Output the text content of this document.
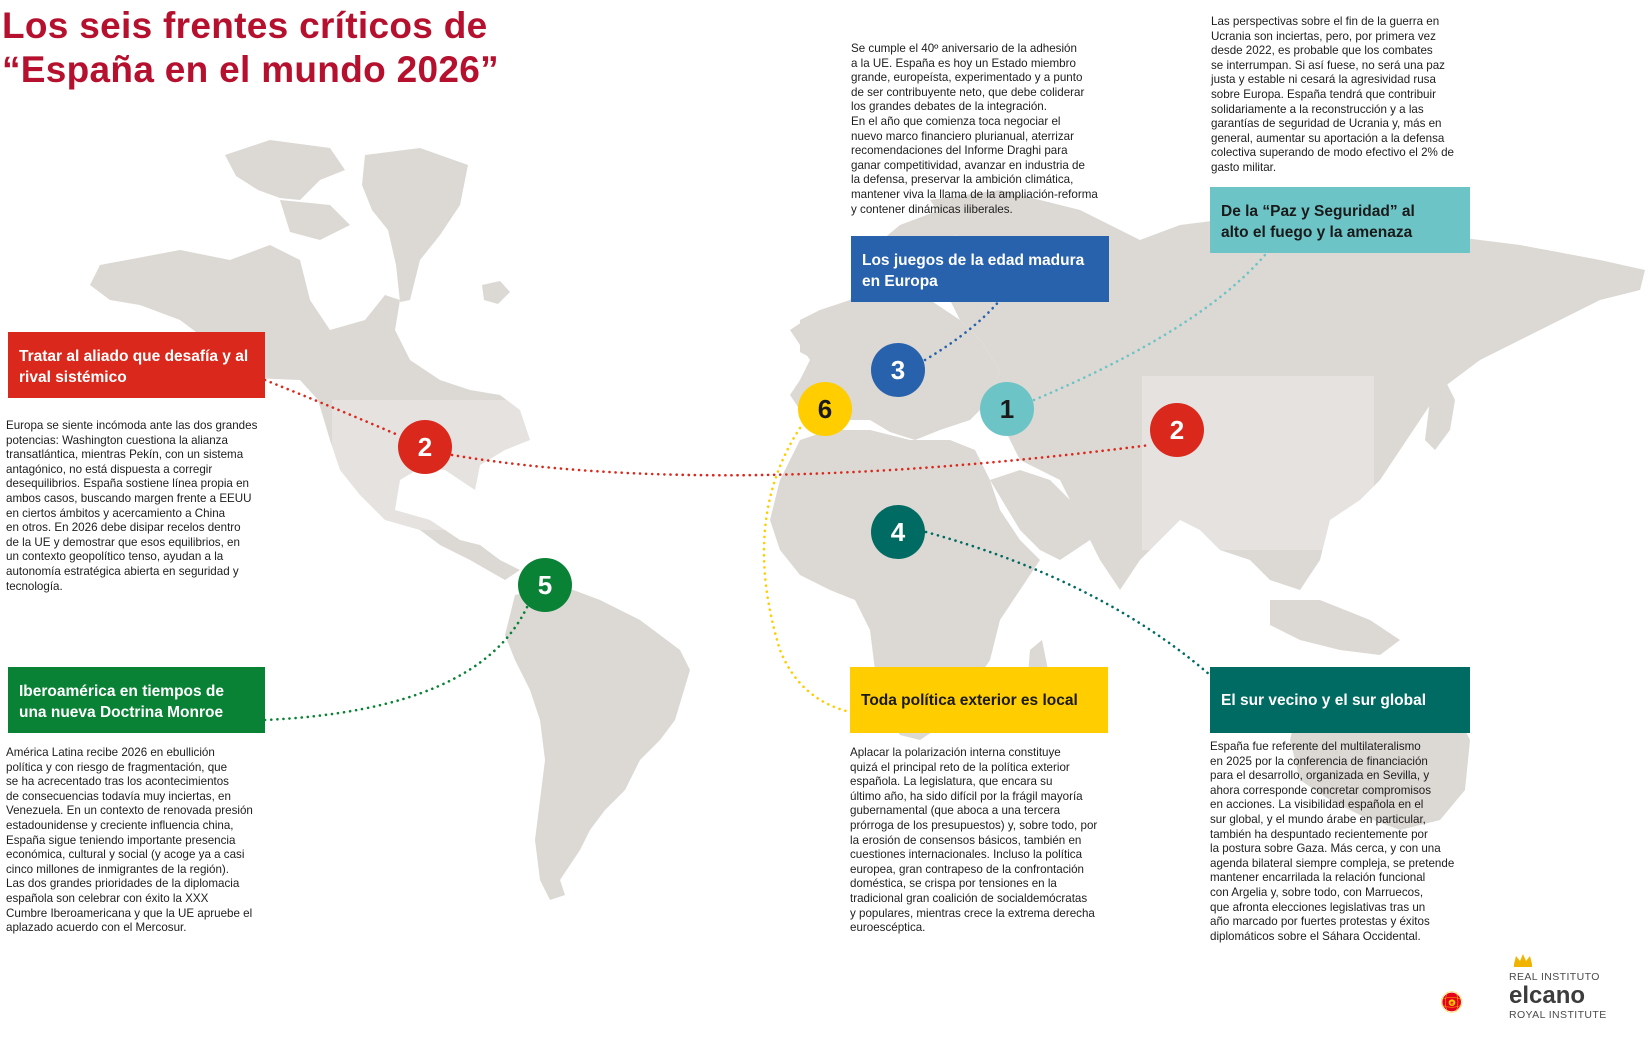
Los seis frentes críticos de
“España en el mundo 2026”
Tratar al aliado que desafía y al
rival sistémico
Europa se siente incómoda ante las dos grandes
potencias: Washington cuestiona la alianza
transatlántica, mientras Pekín, con un sistema
antagónico, no está dispuesta a corregir
desequilibrios. España sostiene línea propia en
ambos casos, buscando margen frente a EEUU
en ciertos ámbitos y acercamiento a China
en otros. En 2026 debe disipar recelos dentro
de la UE y demostrar que esos equilibrios, en
un contexto geopolítico tenso, ayudan a la
autonomía estratégica abierta en seguridad y
tecnología.
Iberoamérica en tiempos de
una nueva Doctrina Monroe
América Latina recibe 2026 en ebullición
política y con riesgo de fragmentación, que
se ha acrecentado tras los acontecimientos
de consecuencias todavía muy inciertas, en
Venezuela. En un contexto de renovada presión
estadounidense y creciente influencia china,
España sigue teniendo importante presencia
económica, cultural y social (y acoge ya a casi
cinco millones de inmigrantes de la región).
Las dos grandes prioridades de la diplomacia
española son celebrar con éxito la XXX
Cumbre Iberoamericana y que la UE apruebe el
aplazado acuerdo con el Mercosur.
Se cumple el 40º aniversario de la adhesión
a la UE. España es hoy un Estado miembro
grande, europeísta, experimentado y a punto
de ser contribuyente neto, que debe coliderar
los grandes debates de la integración.
En el año que comienza toca negociar el
nuevo marco financiero plurianual, aterrizar
recomendaciones del Informe Draghi para
ganar competitividad, avanzar en industria de
la defensa, preservar la ambición climática,
mantener viva la llama de la ampliación-reforma
y contener dinámicas iliberales.
Los juegos de la edad madura
en Europa
Las perspectivas sobre el fin de la guerra en
Ucrania son inciertas, pero, por primera vez
desde 2022, es probable que los combates
se interrumpan. Si así fuese, no será una paz
justa y estable ni cesará la agresividad rusa
sobre Europa. España tendrá que contribuir
solidariamente a la reconstrucción y a las
garantías de seguridad de Ucrania y, más en
general, aumentar su aportación a la defensa
colectiva superando de modo efectivo el 2% de
gasto militar.
De la “Paz y Seguridad” al
alto el fuego y la amenaza
Toda política exterior es local
Aplacar la polarización interna constituye
quizá el principal reto de la política exterior
española. La legislatura, que encara su
último año, ha sido difícil por la frágil mayoría
gubernamental (que aboca a una tercera
prórroga de los presupuestos) y, sobre todo, por
la erosión de consensos básicos, también en
cuestiones internacionales. Incluso la política
europea, gran contrapeso de la confrontación
doméstica, se crispa por tensiones en la
tradicional gran coalición de socialdemócratas
y populares, mientras crece la extrema derecha
euroescéptica.
El sur vecino y el sur global
España fue referente del multilateralismo
en 2025 por la conferencia de financiación
para el desarrollo, organizada en Sevilla, y
ahora corresponde concretar compromisos
en acciones. La visibilidad española en el
sur global, y el mundo árabe en particular,
también ha despuntado recientemente por
la postura sobre Gaza. Más cerca, y con una
agenda bilateral siempre compleja, se pretende
mantener encarrilada la relación funcional
con Argelia y, sobre todo, con Marruecos,
que afronta elecciones legislativas tras un
año marcado por fuertes protestas y éxitos
diplomáticos sobre el Sáhara Occidental.
2
2
3
6	1
4
5
e
REAL INSTITUTO
elcano
ROYAL INSTITUTE
